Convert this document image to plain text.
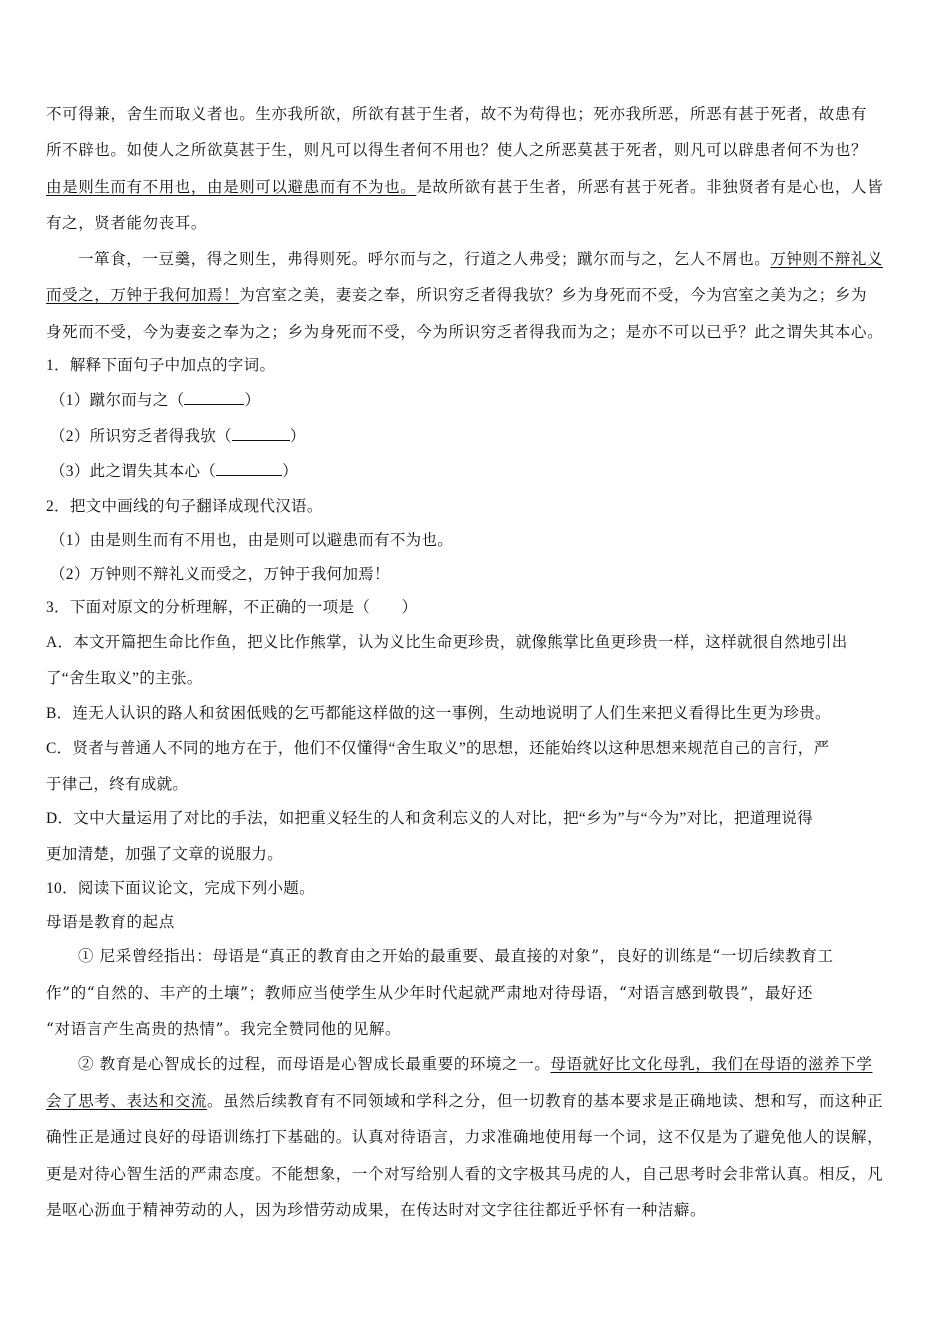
不可得兼，舍生而取义者也。生亦我所欲，所欲有甚于生者，故不为苟得也；死亦我所恶，所恶有甚于死者，故患有
所不辟也。如使人之所欲莫甚于生，则凡可以得生者何不用也？使人之所恶莫甚于死者，则凡可以辟患者何不为也？
由是则生而有不用也，由是则可以避患而有不为也。是故所欲有甚于生者，所恶有甚于死者。非独贤者有是心也，人皆
有之，贤者能勿丧耳。
一箪食，一豆羹，得之则生，弗得则死。呼尔而与之，行道之人弗受；蹴尔而与之，乞人不屑也。万钟则不辩礼义
而受之，万钟于我何加焉！为宫室之美，妻妾之奉，所识穷乏者得我欤？乡为身死而不受，今为宫室之美为之；乡为
身死而不受，今为妻妾之奉为之；乡为身死而不受，今为所识穷乏者得我而为之；是亦不可以已乎？此之谓失其本心。
1．解释下面句子中加点的字词。
（1）蹴尔而与之（	）
（2）所识穷乏者得我欤（	）
（3）此之谓失其本心（	）
2．把文中画线的句子翻译成现代汉语。
（1）由是则生而有不用也，由是则可以避患而有不为也。
（2）万钟则不辩礼义而受之，万钟于我何加焉！
3．下面对原文的分析理解，不正确的一项是（　　）
A．本文开篇把生命比作鱼，把义比作熊掌，认为义比生命更珍贵，就像熊掌比鱼更珍贵一样，这样就很自然地引出
了“舍生取义”的主张。
B．连无人认识的路人和贫困低贱的乞丐都能这样做的这一事例，生动地说明了人们生来把义看得比生更为珍贵。
C．贤者与普通人不同的地方在于，他们不仅懂得“舍生取义”的思想，还能始终以这种思想来规范自己的言行，严
于律己，终有成就。
D．文中大量运用了对比的手法，如把重义轻生的人和贪利忘义的人对比，把“乡为”与“今为”对比，把道理说得
更加清楚，加强了文章的说服力。
10．阅读下面议论文，完成下列小题。
母语是教育的起点
① 尼采曾经指出：母语是“真正的教育由之开始的最重要、最直接的对象”，良好的训练是“一切后续教育工
作”的“自然的、丰产的土壤”；教师应当使学生从少年时代起就严肃地对待母语，“对语言感到敬畏”，最好还
“对语言产生高贵的热情”。我完全赞同他的见解。
② 教育是心智成长的过程，而母语是心智成长最重要的环境之一。母语就好比文化母乳，我们在母语的滋养下学
会了思考、表达和交流。虽然后续教育有不同领域和学科之分，但一切教育的基本要求是正确地读、想和写，而这种正
确性正是通过良好的母语训练打下基础的。认真对待语言，力求准确地使用每一个词，这不仅是为了避免他人的误解，
更是对待心智生活的严肃态度。不能想象，一个对写给别人看的文字极其马虎的人，自己思考时会非常认真。相反，凡
是呕心沥血于精神劳动的人，因为珍惜劳动成果，在传达时对文字往往都近乎怀有一种洁癖。
